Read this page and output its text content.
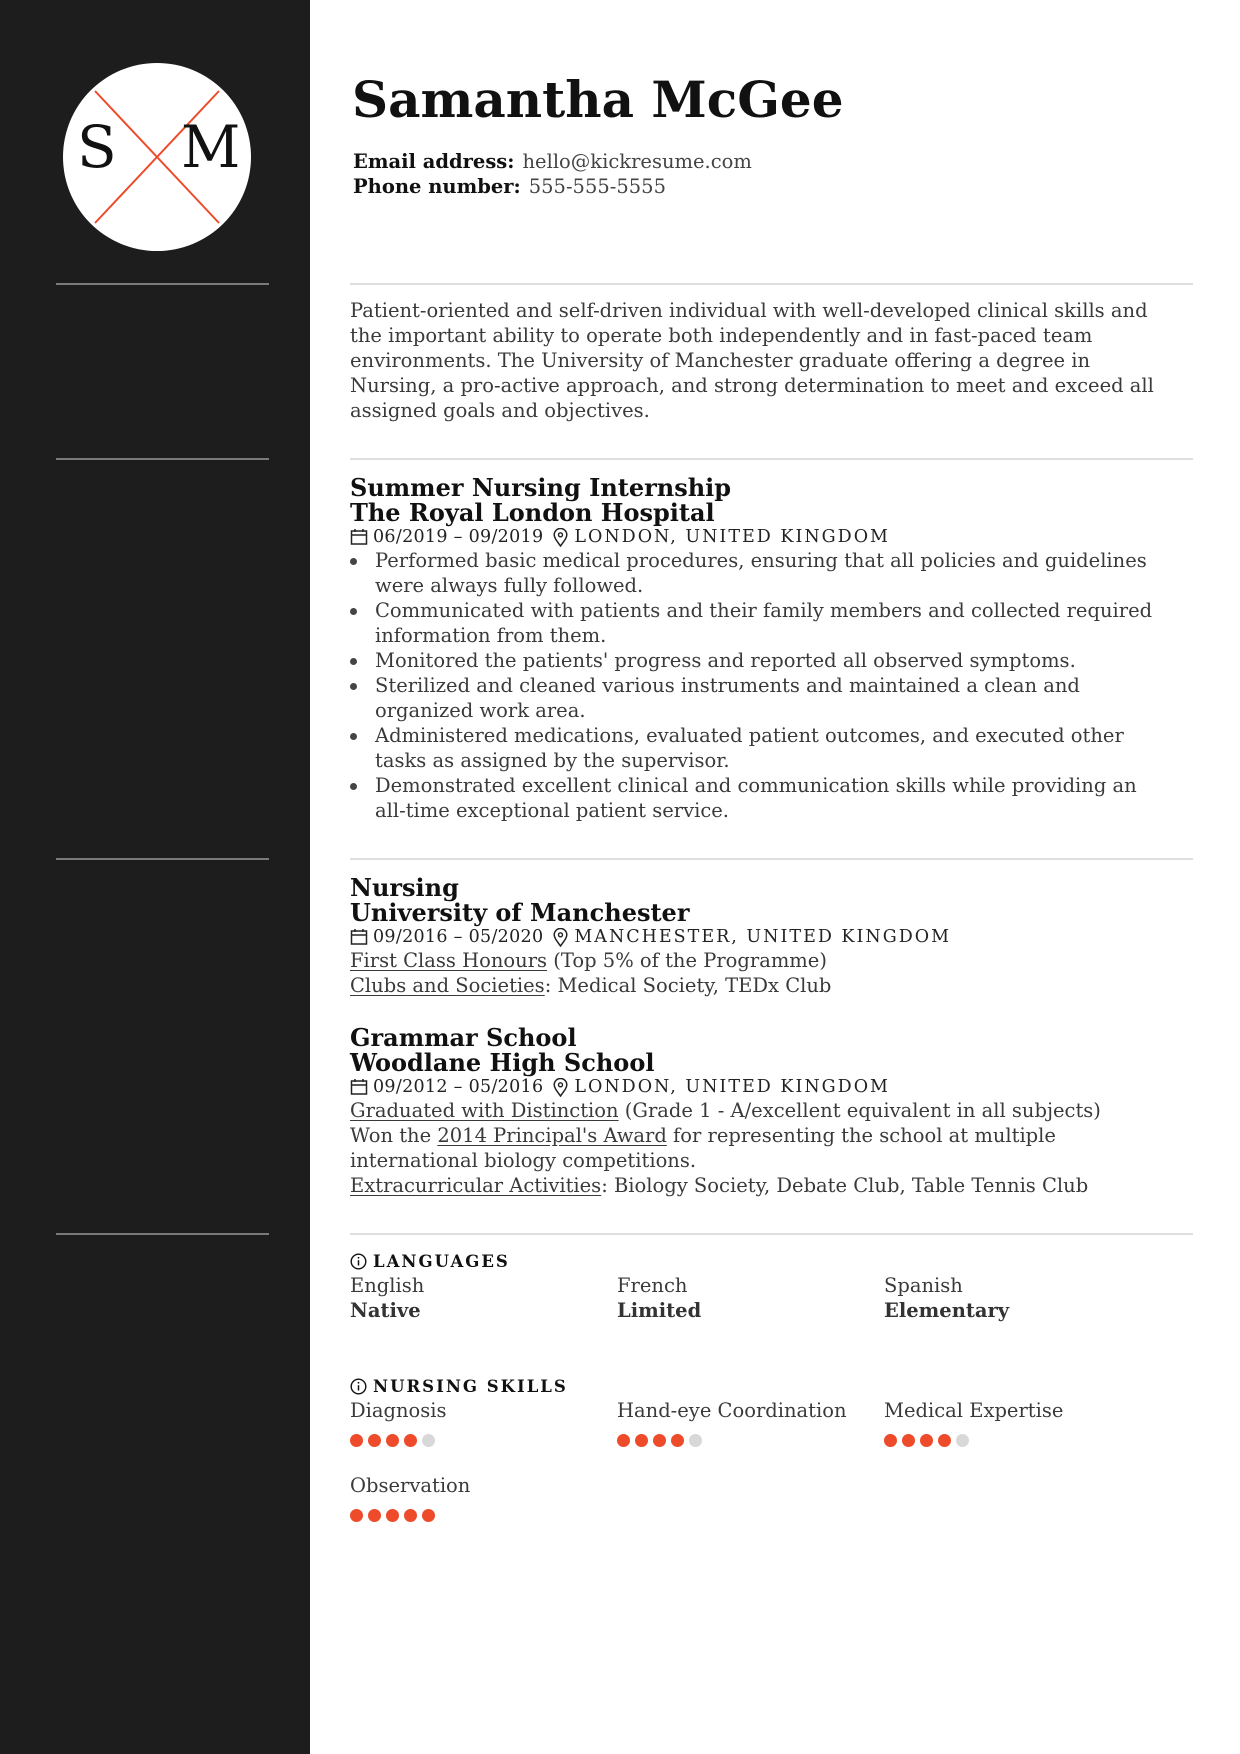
S M
Samantha McGee
Email address: hello@kickresume.com
Phone number: 555-555-5555
Patient-oriented and self-driven individual with well-developed clinical skills and
the important ability to operate both independently and in fast-paced team
environments. The University of Manchester graduate offering a degree in
Nursing, a pro-active approach, and strong determination to meet and exceed all
assigned goals and objectives.
Summer Nursing Internship
The Royal London Hospital
06/2019 – 09/2019 LONDON, UNITED KINGDOM
Performed basic medical procedures, ensuring that all policies and guidelines
were always fully followed.
Communicated with patients and their family members and collected required
information from them.
Monitored the patients' progress and reported all observed symptoms.
Sterilized and cleaned various instruments and maintained a clean and
organized work area.
Administered medications, evaluated patient outcomes, and executed other
tasks as assigned by the supervisor.
Demonstrated excellent clinical and communication skills while providing an
all-time exceptional patient service.
Nursing
University of Manchester
09/2016 – 05/2020 MANCHESTER, UNITED KINGDOM
First Class Honours (Top 5% of the Programme)
Clubs and Societies: Medical Society, TEDx Club
Grammar School
Woodlane High School
09/2012 – 05/2016 LONDON, UNITED KINGDOM
Graduated with Distinction (Grade 1 - A/excellent equivalent in all subjects)
Won the 2014 Principal's Award for representing the school at multiple
international biology competitions.
Extracurricular Activities: Biology Society, Debate Club, Table Tennis Club
LANGUAGES
English
Native
French
Limited
Spanish
Elementary
NURSING SKILLS
Diagnosis	Hand-eye Coordination Medical Expertise
Observation
